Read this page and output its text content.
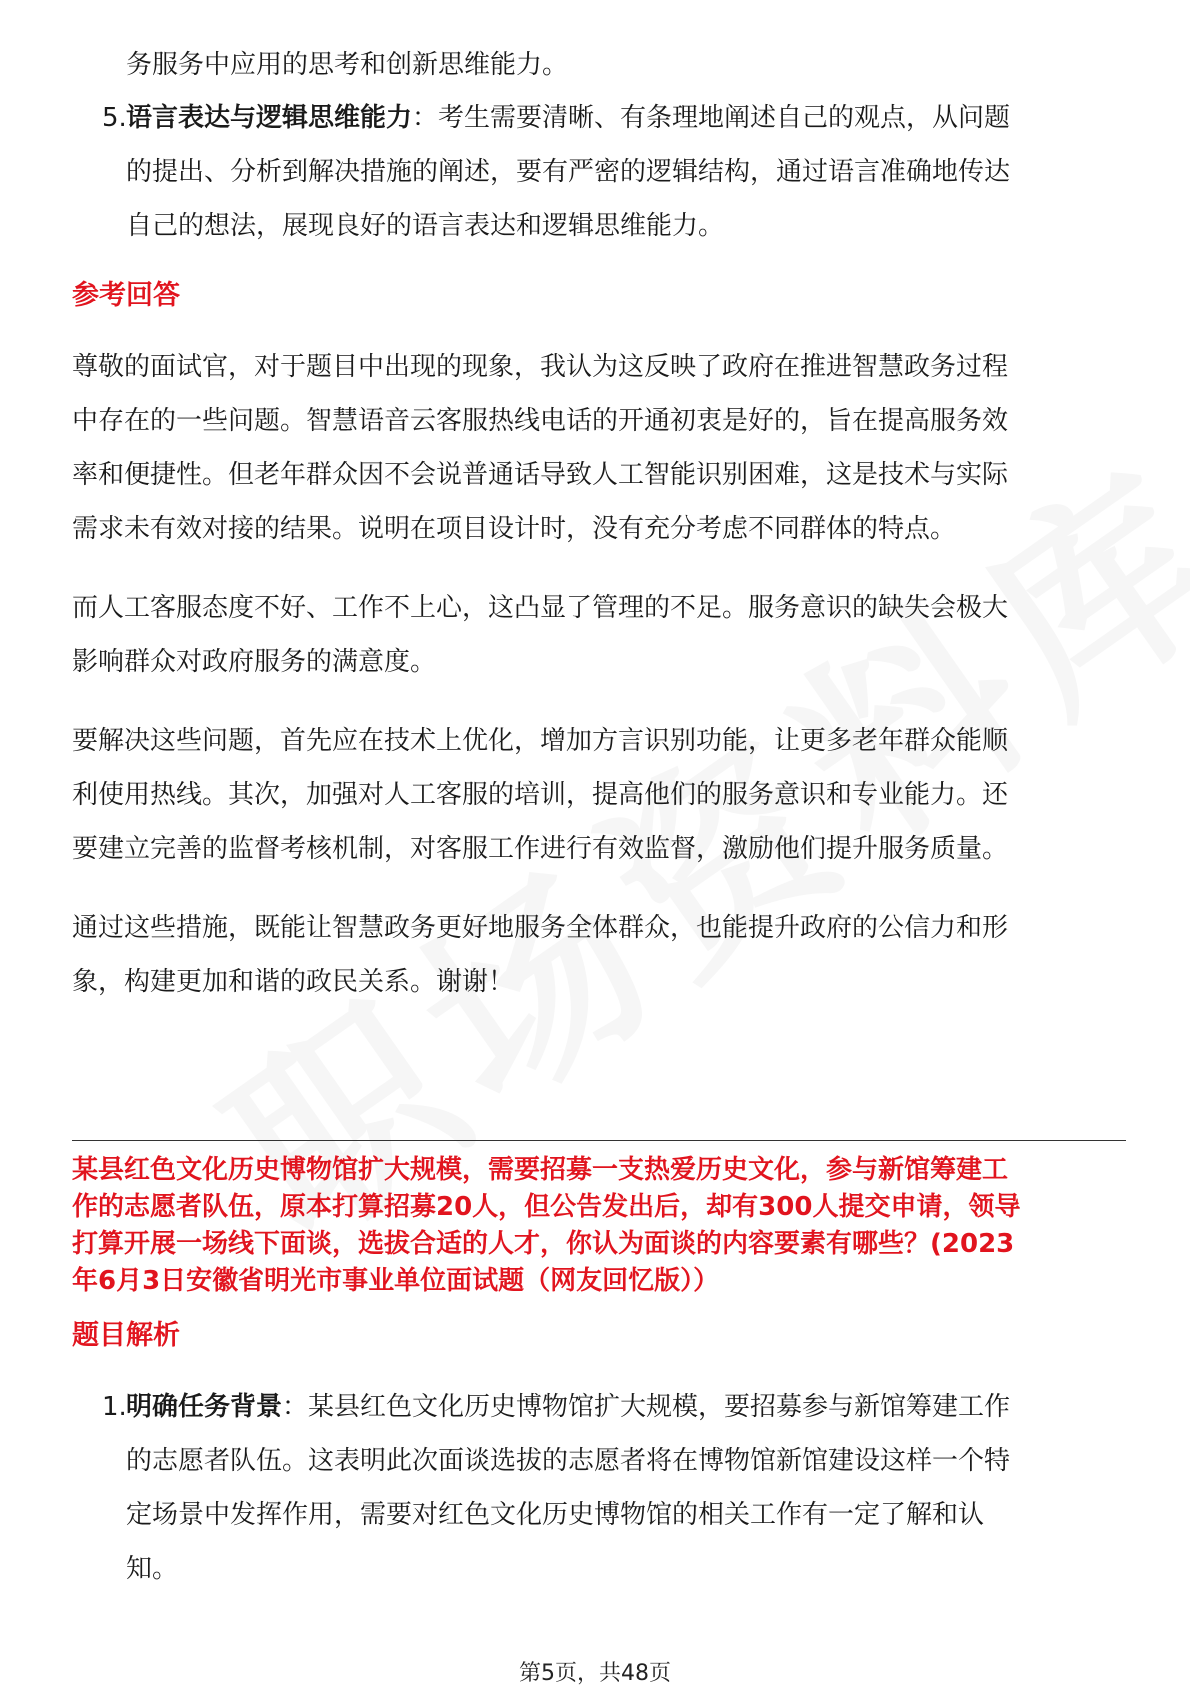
务服务中应用的思考和创新思维能力。
5. 语言表达与逻辑思维能力：考生需要清晰、有条理地阐述自己的观点，从问题
的提出、分析到解决措施的阐述，要有严密的逻辑结构，通过语言准确地传达
自己的想法，展现良好的语言表达和逻辑思维能力。
参考回答
尊敬的面试官，对于题目中出现的现象，我认为这反映了政府在推进智慧政务过程
中存在的一些问题。智慧语音云客服热线电话的开通初衷是好的，旨在提高服务效
率和便捷性。但老年群众因不会说普通话导致人工智能识别困难，这是技术与实际
需求未有效对接的结果。说明在项目设计时，没有充分考虑不同群体的特点。
而人工客服态度不好、工作不上心，这凸显了管理的不足。服务意识的缺失会极大
影响群众对政府服务的满意度。
要解决这些问题，首先应在技术上优化，增加方言识别功能，让更多老年群众能顺
利使用热线。其次，加强对人工客服的培训，提高他们的服务意识和专业能力。还
要建立完善的监督考核机制，对客服工作进行有效监督，激励他们提升服务质量。
通过这些措施，既能让智慧政务更好地服务全体群众，也能提升政府的公信力和形
象，构建更加和谐的政民关系。谢谢！
某县红色文化历史博物馆扩大规模，需要招募一支热爱历史文化，参与新馆筹建工
作的志愿者队伍，原本打算招募20人，但公告发出后，却有300人提交申请，领导
打算开展一场线下面谈，选拔合适的人才，你认为面谈的内容要素有哪些？(2023
年6月3日安徽省明光市事业单位面试题（网友回忆版））
题目解析
1. 明确任务背景：某县红色文化历史博物馆扩大规模，要招募参与新馆筹建工作
的志愿者队伍。这表明此次面谈选拔的志愿者将在博物馆新馆建设这样一个特
定场景中发挥作用，需要对红色文化历史博物馆的相关工作有一定了解和认
知。
第5页，共48页
